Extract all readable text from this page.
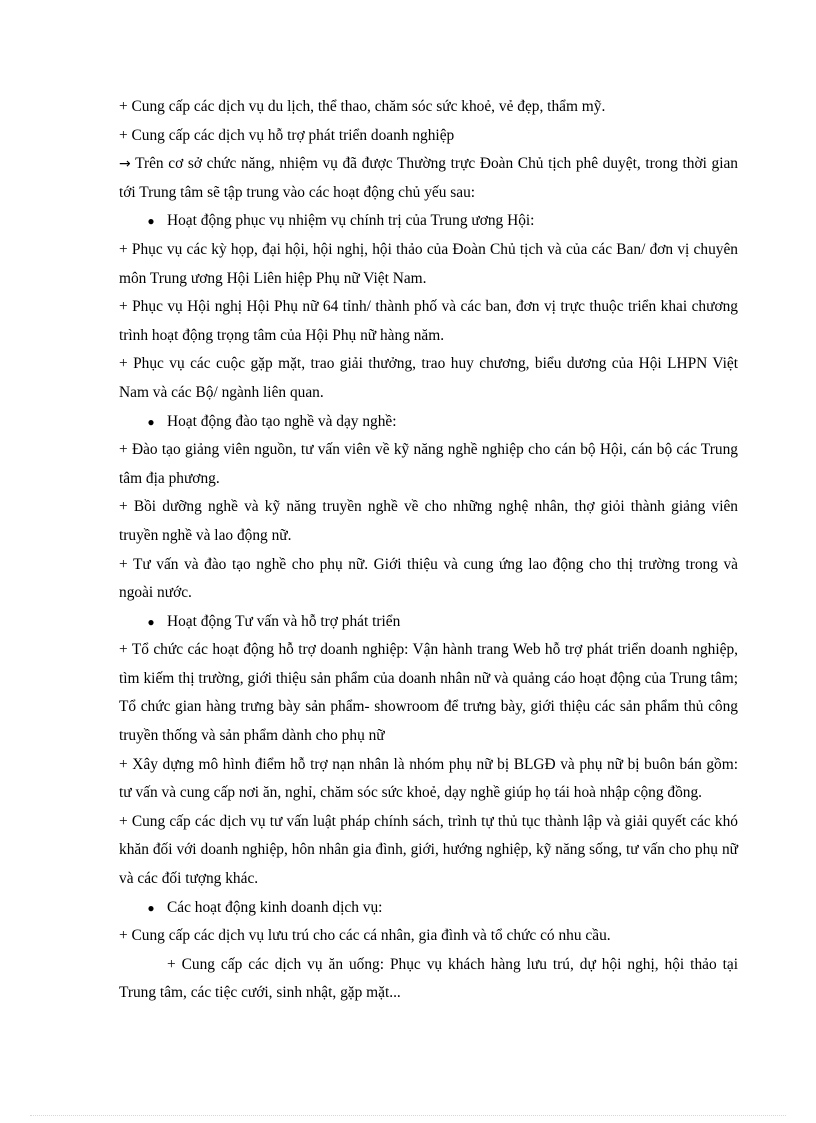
+ Cung cấp các dịch vụ du lịch, thể thao, chăm sóc sức khoẻ, vẻ đẹp, thẩm mỹ.

+ Cung cấp các dịch vụ hỗ trợ phát triển doanh nghiệp

→ Trên cơ sở chức năng, nhiệm vụ đã được Thường trực Đoàn Chủ tịch phê duyệt, trong thời gian tới Trung tâm sẽ tập trung vào các hoạt động chủ yếu sau:

● Hoạt động phục vụ nhiệm vụ chính trị của Trung ương Hội:

+ Phục vụ các kỳ họp, đại hội, hội nghị, hội thảo của Đoàn Chủ tịch và của các Ban/ đơn vị chuyên môn Trung ương Hội Liên hiệp Phụ nữ Việt Nam.

+ Phục vụ Hội nghị Hội Phụ nữ 64 tỉnh/ thành phố và các ban, đơn vị trực thuộc triển khai chương trình hoạt động trọng tâm của Hội Phụ nữ hàng năm.

+ Phục vụ các cuộc gặp mặt, trao giải thưởng, trao huy chương, biểu dương của Hội LHPN Việt Nam và các Bộ/ ngành liên quan.

● Hoạt động đào tạo nghề và dạy nghề:

+ Đào tạo giảng viên nguồn, tư vấn viên về kỹ năng nghề nghiệp cho cán bộ Hội, cán bộ các Trung tâm địa phương.

+ Bồi dưỡng nghề và kỹ năng truyền nghề về cho những nghệ nhân, thợ giỏi thành giảng viên truyền nghề và lao động nữ.

+ Tư vấn và đào tạo nghề cho phụ nữ. Giới thiệu và cung ứng lao động cho thị trường trong và ngoài nước.

● Hoạt động Tư vấn và hỗ trợ phát triển

+ Tổ chức các hoạt động hỗ trợ doanh nghiệp: Vận hành trang Web hỗ trợ phát triển doanh nghiệp, tìm kiếm thị trường, giới thiệu sản phẩm của doanh nhân nữ và quảng cáo hoạt động của Trung tâm; Tổ chức gian hàng trưng bày sản phẩm- showroom để trưng bày, giới thiệu các sản phẩm thủ công truyền thống và sản phẩm dành cho phụ nữ

+ Xây dựng mô hình điểm hỗ trợ nạn nhân là nhóm phụ nữ bị BLGĐ và phụ nữ bị buôn bán gồm: tư vấn và cung cấp nơi ăn, nghỉ, chăm sóc sức khoẻ, dạy nghề giúp họ tái hoà nhập cộng đồng.

+ Cung cấp các dịch vụ tư vấn luật pháp chính sách, trình tự thủ tục thành lập và giải quyết các khó khăn đối với doanh nghiệp, hôn nhân gia đình, giới, hướng nghiệp, kỹ năng sống, tư vấn cho phụ nữ và các đối tượng khác.

● Các hoạt động kinh doanh dịch vụ:

+ Cung cấp các dịch vụ lưu trú cho các cá nhân, gia đình và tổ chức có nhu cầu.

+ Cung cấp các dịch vụ ăn uống: Phục vụ khách hàng lưu trú, dự hội nghị, hội thảo tại Trung tâm, các tiệc cưới, sinh nhật, gặp mặt...
